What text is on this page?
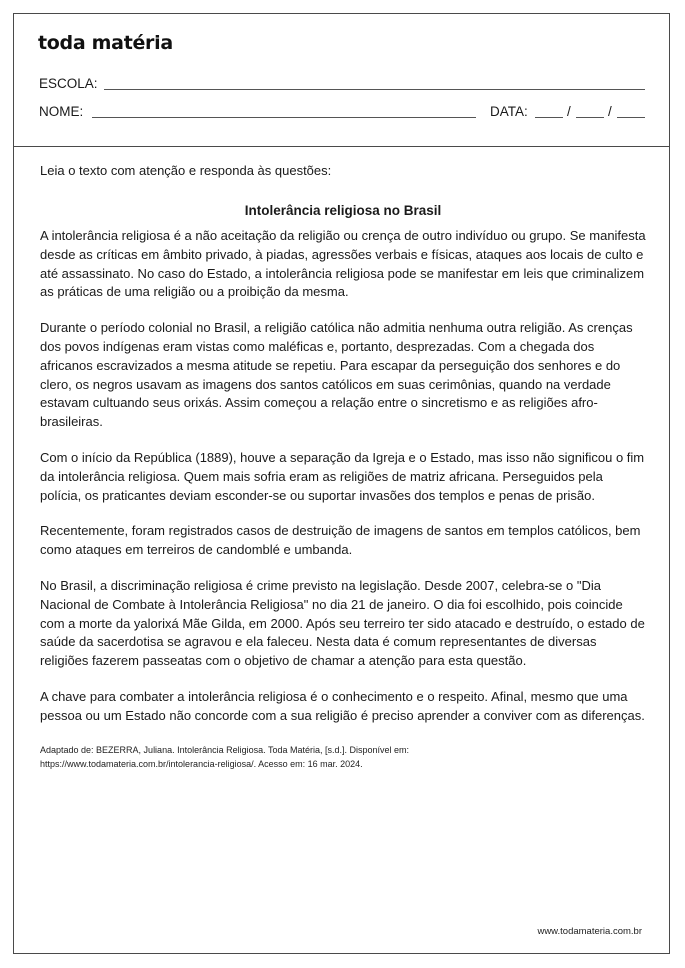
toda matéria
ESCOLA:
NOME:	DATA:	/	/

Leia o texto com atenção e responda às questões:

Intolerância religiosa no Brasil

A intolerância religiosa é a não aceitação da religião ou crença de outro indivíduo ou grupo. Se manifesta desde as críticas em âmbito privado, à piadas, agressões verbais e físicas, ataques aos locais de culto e até assassinato. No caso do Estado, a intolerância religiosa pode se manifestar em leis que criminalizem as práticas de uma religião ou a proibição da mesma.

Durante o período colonial no Brasil, a religião católica não admitia nenhuma outra religião. As crenças dos povos indígenas eram vistas como maléficas e, portanto, desprezadas. Com a chegada dos africanos escravizados a mesma atitude se repetiu. Para escapar da perseguição dos senhores e do clero, os negros usavam as imagens dos santos católicos em suas cerimônias, quando na verdade estavam cultuando seus orixás. Assim começou a relação entre o sincretismo e as religiões afro-brasileiras.

Com o início da República (1889), houve a separação da Igreja e o Estado, mas isso não significou o fim da intolerância religiosa. Quem mais sofria eram as religiões de matriz africana. Perseguidos pela polícia, os praticantes deviam esconder-se ou suportar invasões dos templos e penas de prisão.

Recentemente, foram registrados casos de destruição de imagens de santos em templos católicos, bem como ataques em terreiros de candomblé e umbanda.

No Brasil, a discriminação religiosa é crime previsto na legislação. Desde 2007, celebra-se o "Dia Nacional de Combate à Intolerância Religiosa" no dia 21 de janeiro. O dia foi escolhido, pois coincide com a morte da yalorixá Mãe Gilda, em 2000. Após seu terreiro ter sido atacado e destruído, o estado de saúde da sacerdotisa se agravou e ela faleceu. Nesta data é comum representantes de diversas religiões fazerem passeatas com o objetivo de chamar a atenção para esta questão.

A chave para combater a intolerância religiosa é o conhecimento e o respeito. Afinal, mesmo que uma pessoa ou um Estado não concorde com a sua religião é preciso aprender a conviver com as diferenças.

Adaptado de: BEZERRA, Juliana. Intolerância Religiosa. Toda Matéria, [s.d.]. Disponível em:
https://www.todamateria.com.br/intolerancia-religiosa/. Acesso em: 16 mar. 2024.
www.todamateria.com.br
